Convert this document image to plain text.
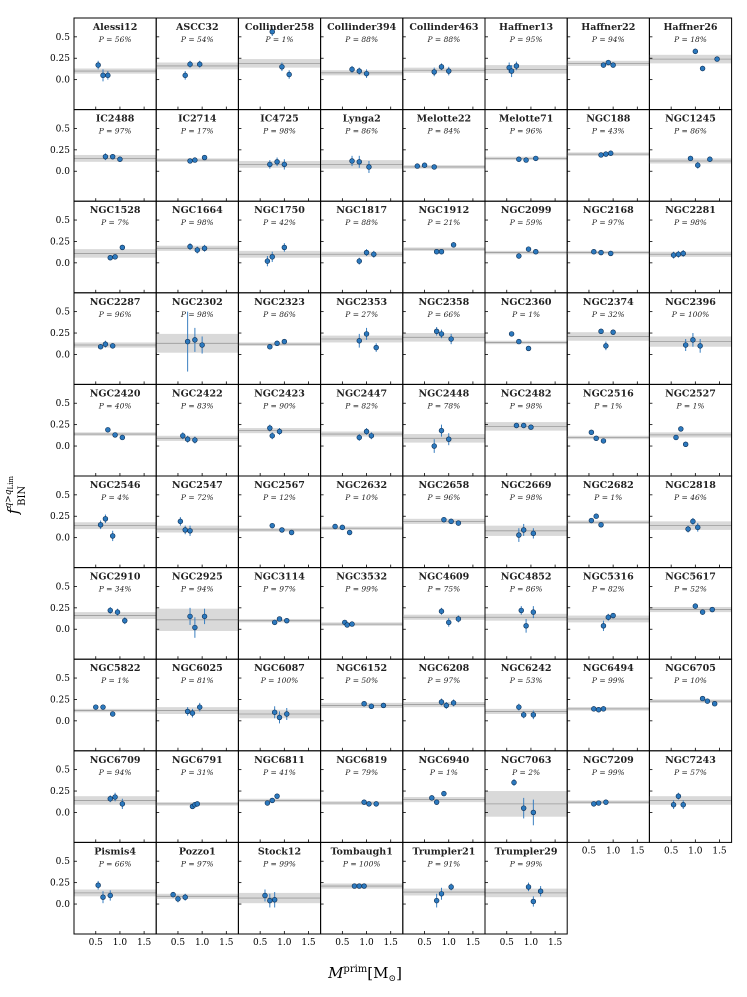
Alessi12
P = 56%
0.0
0.25
0.5
ASCC32
P = 54%
Collinder258
P = 1%
Collinder394
P = 88%
Collinder463
P = 88%
Haffner13
P = 95%
Haffner22
P = 94%
Haffner26
P = 18%
IC2488
P = 97%
0.0
0.25
0.5
IC2714
P = 17%
IC4725
P = 98%
Lynga2
P = 86%
Melotte22
P = 84%
Melotte71
P = 96%
NGC188
P = 43%
NGC1245
P = 86%
NGC1528
P = 7%
0.0
0.25
0.5
NGC1664
P = 98%
NGC1750
P = 42%
NGC1817
P = 88%
NGC1912
P = 21%
NGC2099
P = 59%
NGC2168
P = 97%
NGC2281
P = 98%
NGC2287
P = 96%
0.0
0.25
0.5
NGC2302
P = 98%
NGC2323
P = 86%
NGC2353
P = 27%
NGC2358
P = 66%
NGC2360
P = 1%
NGC2374
P = 32%
NGC2396
P = 100%
NGC2420
P = 40%
0.0
0.25
0.5
NGC2422
P = 83%
NGC2423
P = 90%
NGC2447
P = 82%
NGC2448
P = 78%
NGC2482
P = 98%
NGC2516
P = 1%
NGC2527
P = 1%
NGC2546
P = 4%
0.0
0.25
0.5
NGC2547
P = 72%
NGC2567
P = 12%
NGC2632
P = 10%
NGC2658
P = 96%
NGC2669
P = 98%
NGC2682
P = 1%
NGC2818
P = 46%
NGC2910
P = 34%
0.0
0.25
0.5
NGC2925
P = 94%
NGC3114
P = 97%
NGC3532
P = 99%
NGC4609
P = 75%
NGC4852
P = 86%
NGC5316
P = 82%
NGC5617
P = 52%
NGC5822
P = 1%
0.0
0.25
0.5
NGC6025
P = 81%
NGC6087
P = 100%
NGC6152
P = 50%
NGC6208
P = 97%
NGC6242
P = 53%
NGC6494
P = 99%
NGC6705
P = 10%
NGC6709
P = 94%
0.0
0.25
0.5
NGC6791
P = 31%
NGC6811
P = 41%
NGC6819
P = 79%
NGC6940
P = 1%
NGC7063
P = 2%
NGC7209
P = 99%
0.5 1.0 1.5
NGC7243
P = 57%
0.5 1.0 1.5
Pismis4
P = 66%
0.0
0.25
0.5
0.5 1.0 1.5
Pozzo1
P = 97%
0.5 1.0 1.5
Stock12
P = 99%
0.5 1.0 1.5
Tombaugh1
P = 100%
0.5 1.0 1.5
Trumpler21
P = 91%
0.5 1.0 1.5
Trumpler29
P = 99%
0.5 1.0 1.5
$M^{prim}[M_⊙]$
$f^{q>q}LimBIN$
